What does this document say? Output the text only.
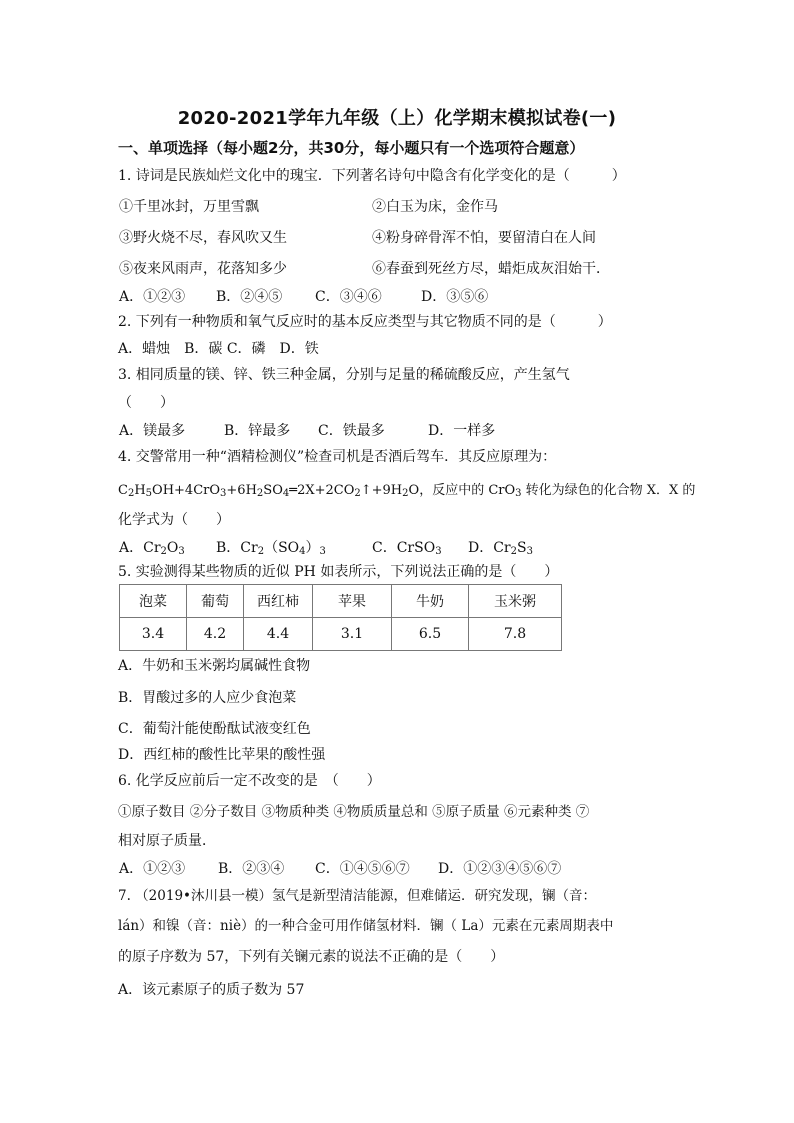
2020-2021学年九年级（上）化学期末模拟试卷(一)
一、单项选择（每小题2分，共30分，每小题只有一个选项符合题意）
1. 诗词是民族灿烂文化中的瑰宝．下列著名诗句中隐含有化学变化的是（　　　）
①千里冰封，万里雪飘	②白玉为床，金作马
③野火烧不尽，春风吹又生	④粉身碎骨浑不怕，要留清白在人间
⑤夜来风雨声，花落知多少	⑥春蚕到死丝方尽，蜡炬成灰泪始干．
A．①②③ B．②④⑤ C．③④⑥	D．③⑤⑥
2. 下列有一种物质和氧气反应时的基本反应类型与其它物质不同的是（　　　）
A．蜡烛　B．碳 C．磷　D．铁
3. 相同质量的镁、锌、铁三种金属，分别与足量的稀硫酸反应，产生氢气
（　　）
A．镁最多	B．锌最多 C．铁最多	D．一样多
4. 交警常用一种“酒精检测仪”检查司机是否酒后驾车．其反应原理为：
$C_2H_5OH+4CrO_3+6H_2SO_4═2X+2CO_2↑+9H_2O$，反应中的 CrO$_3$ 转化为绿色的化合物 X．X 的
化学式为（　　）
A．$Cr_2O_3$ B．$Cr_2(SO_4)_3$	C．CrSO$_3$ D．$Cr_2S_3$
5. 实验测得某些物质的近似 PH 如表所示，下列说法正确的是（　　）
泡菜	葡萄	西红柿	苹果	牛奶	玉米粥
3.4	4.2	4.4	3.1	6.5	7.8
A．牛奶和玉米粥均属碱性食物
B．胃酸过多的人应少食泡菜
C．葡萄汁能使酚酞试液变红色
D．西红柿的酸性比苹果的酸性强
6. 化学反应前后一定不改变的是　（　　）
①原子数目 ②分子数目 ③物质种类 ④物质质量总和 ⑤原子质量 ⑥元素种类 ⑦
相对原子质量．
A．①②③ B．②③④ C．①④⑤⑥⑦ D．①②③④⑤⑥⑦
7. （2019•沐川县一模）氢气是新型清洁能源，但难储运．研究发现，镧（音：
lán）和镍（音：niè）的一种合金可用作储氢材料．镧（ La）元素在元素周期表中
的原子序数为 57，下列有关镧元素的说法不正确的是（　　）
A．该元素原子的质子数为 57
